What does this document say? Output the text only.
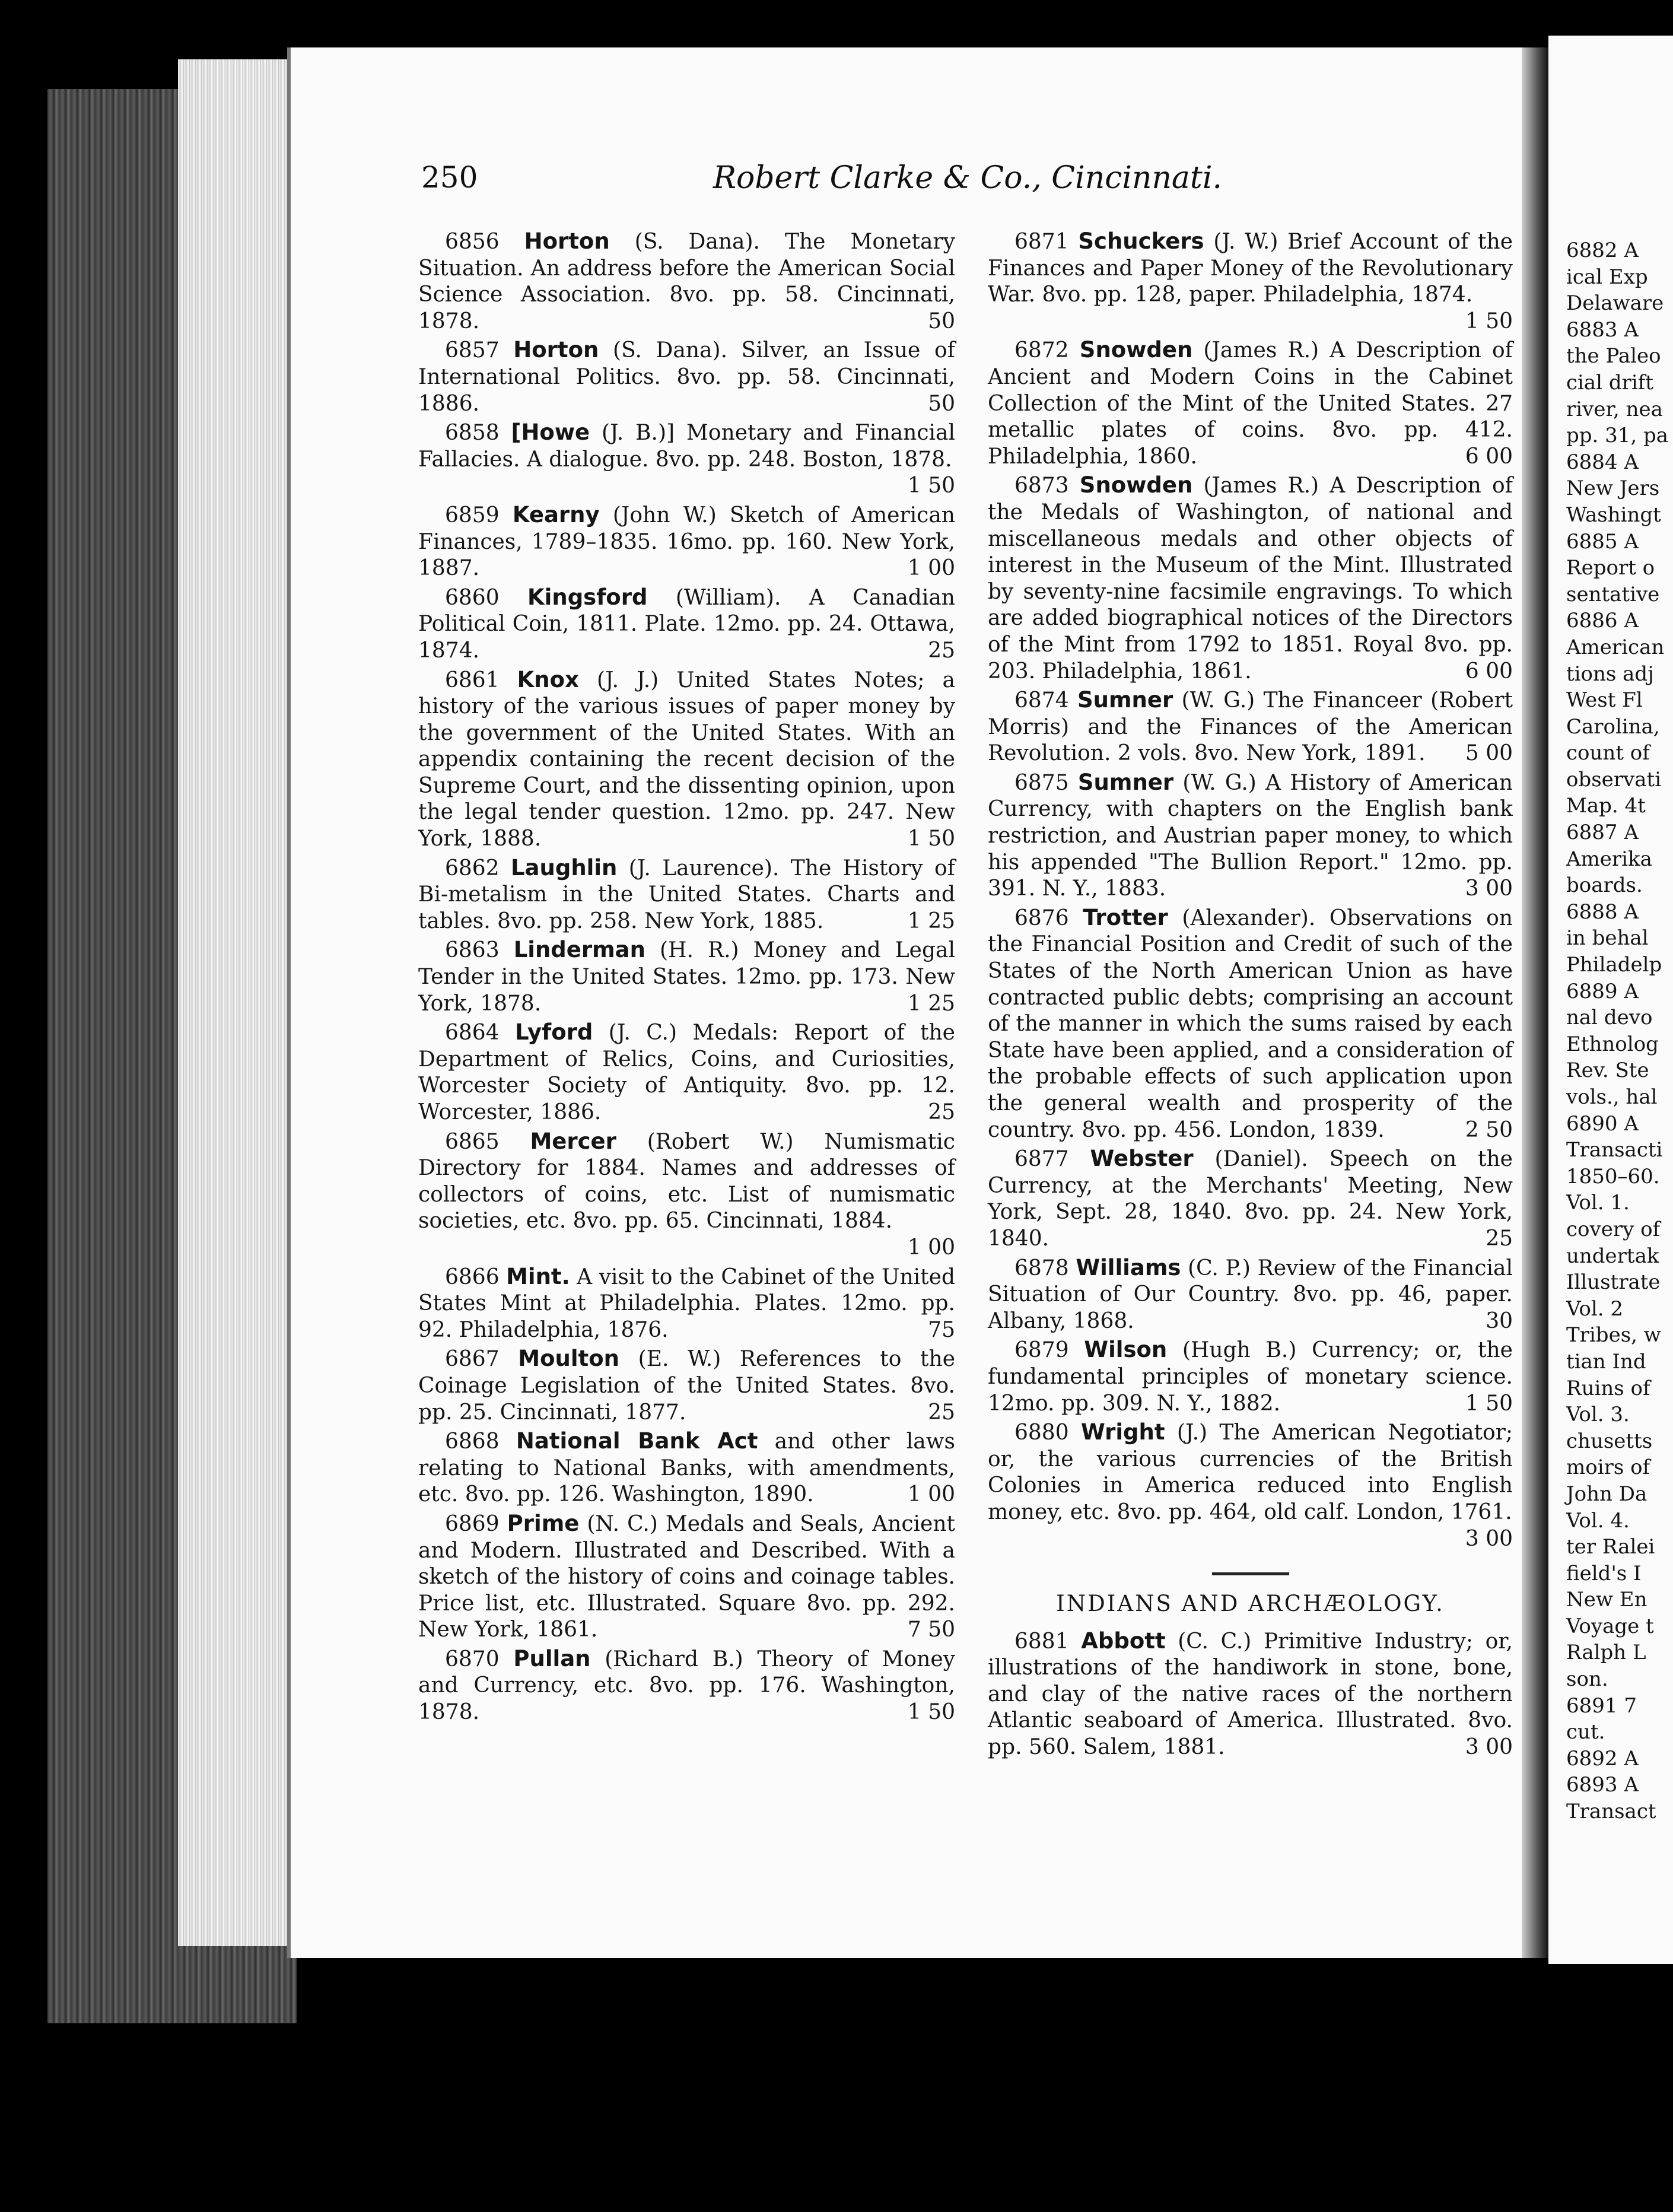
6882 A
ical Exp
Delaware
6883 A
the Paleo
cial drift
river, nea
pp. 31, pa
6884 A
New Jers
Washingt
6885 A
Report o
sentative
6886 A
American
tions adj
West Fl
Carolina,
count of
observati
Map. 4t
6887 A
Amerika
boards.
6888 A
in behal
Philadelp
6889 A
nal devo
Ethnolog
Rev. Ste
vols., hal
6890 A
Transacti
1850–60.
Vol. 1.
covery of
undertak
Illustrate
Vol. 2
Tribes, w
tian Ind
Ruins of
Vol. 3.
chusetts
moirs of
John Da
Vol. 4.
ter Ralei
field's I
New En
Voyage t
Ralph L
son.
6891 7
cut.
6892 A
6893 A
Transact
250	Robert Clarke & Co., Cincinnati.
6856 Horton (S. Dana). The Monetary Situation. An address before the American Social Science Association. 8vo. pp. 58. Cincinnati, 1878.	50
6857 Horton (S. Dana). Silver, an Issue of International Politics. 8vo. pp. 58. Cincinnati, 1886.	50
6858 [Howe (J. B.)] Monetary and Financial Fallacies. A dialogue. 8vo. pp. 248. Boston, 1878.
1 50
6859 Kearny (John W.) Sketch of American Finances, 1789–1835. 16mo. pp. 160. New York, 1887.	1 00
6860 Kingsford (William). A Canadian Political Coin, 1811. Plate. 12mo. pp. 24. Ottawa, 1874.	25
6861 Knox (J. J.) United States Notes; a history of the various issues of paper money by the government of the United States. With an appendix containing the recent decision of the Supreme Court, and the dissenting opinion, upon the legal tender question. 12mo. pp. 247. New York, 1888.	1 50
6862 Laughlin (J. Laurence). The History of Bi-metalism in the United States. Charts and tables. 8vo. pp. 258. New York, 1885.	1 25
6863 Linderman (H. R.) Money and Legal Tender in the United States. 12mo. pp. 173. New York, 1878.	1 25
6864 Lyford (J. C.) Medals: Report of the Department of Relics, Coins, and Curiosities, Worcester Society of Antiquity. 8vo. pp. 12. Worcester, 1886.	25
6865 Mercer (Robert W.) Numismatic Directory for 1884. Names and addresses of collectors of coins, etc. List of numismatic societies, etc. 8vo. pp. 65. Cincinnati, 1884.
1 00
6866 Mint. A visit to the Cabinet of the United States Mint at Philadelphia. Plates. 12mo. pp. 92. Philadelphia, 1876.	75
6867 Moulton (E. W.) References to the Coinage Legislation of the United States. 8vo. pp. 25. Cincinnati, 1877.	25
6868 National Bank Act and other laws relating to National Banks, with amendments, etc. 8vo. pp. 126. Washington, 1890.	1 00
6869 Prime (N. C.) Medals and Seals, Ancient and Modern. Illustrated and Described. With a sketch of the history of coins and coinage tables. Price list, etc. Illustrated. Square 8vo. pp. 292. New York, 1861.	7 50
6870 Pullan (Richard B.) Theory of Money and Currency, etc. 8vo. pp. 176. Washington, 1878.	1 50
6871 Schuckers (J. W.) Brief Account of the Finances and Paper Money of the Revolutionary War. 8vo. pp. 128, paper. Philadelphia, 1874.
1 50
6872 Snowden (James R.) A Description of Ancient and Modern Coins in the Cabinet Collection of the Mint of the United States. 27 metallic plates of coins. 8vo. pp. 412. Philadelphia, 1860.	6 00
6873 Snowden (James R.) A Description of the Medals of Washington, of national and miscellaneous medals and other objects of interest in the Museum of the Mint. Illustrated by seventy-nine facsimile engravings. To which are added biographical notices of the Directors of the Mint from 1792 to 1851. Royal 8vo. pp. 203. Philadelphia, 1861.	6 00
6874 Sumner (W. G.) The Financeer (Robert Morris) and the Finances of the American Revolution. 2 vols. 8vo. New York, 1891.	5 00
6875 Sumner (W. G.) A History of American Currency, with chapters on the English bank restriction, and Austrian paper money, to which his appended "The Bullion Report." 12mo. pp. 391. N. Y., 1883.	3 00
6876 Trotter (Alexander). Observations on the Financial Position and Credit of such of the States of the North American Union as have contracted public debts; comprising an account of the manner in which the sums raised by each State have been applied, and a consideration of the probable effects of such application upon the general wealth and prosperity of the country. 8vo. pp. 456. London, 1839.	2 50
6877 Webster (Daniel). Speech on the Currency, at the Merchants' Meeting, New York, Sept. 28, 1840. 8vo. pp. 24. New York, 1840.	25
6878 Williams (C. P.) Review of the Financial Situation of Our Country. 8vo. pp. 46, paper. Albany, 1868.	30
6879 Wilson (Hugh B.) Currency; or, the fundamental principles of monetary science. 12mo. pp. 309. N. Y., 1882.	1 50
6880 Wright (J.) The American Negotiator; or, the various currencies of the British Colonies in America reduced into English money, etc. 8vo. pp. 464, old calf. London, 1761.
3 00
INDIANS AND ARCHÆOLOGY.
6881 Abbott (C. C.) Primitive Industry; or, illustrations of the handiwork in stone, bone, and clay of the native races of the northern Atlantic seaboard of America. Illustrated. 8vo. pp. 560. Salem, 1881.	3 00
